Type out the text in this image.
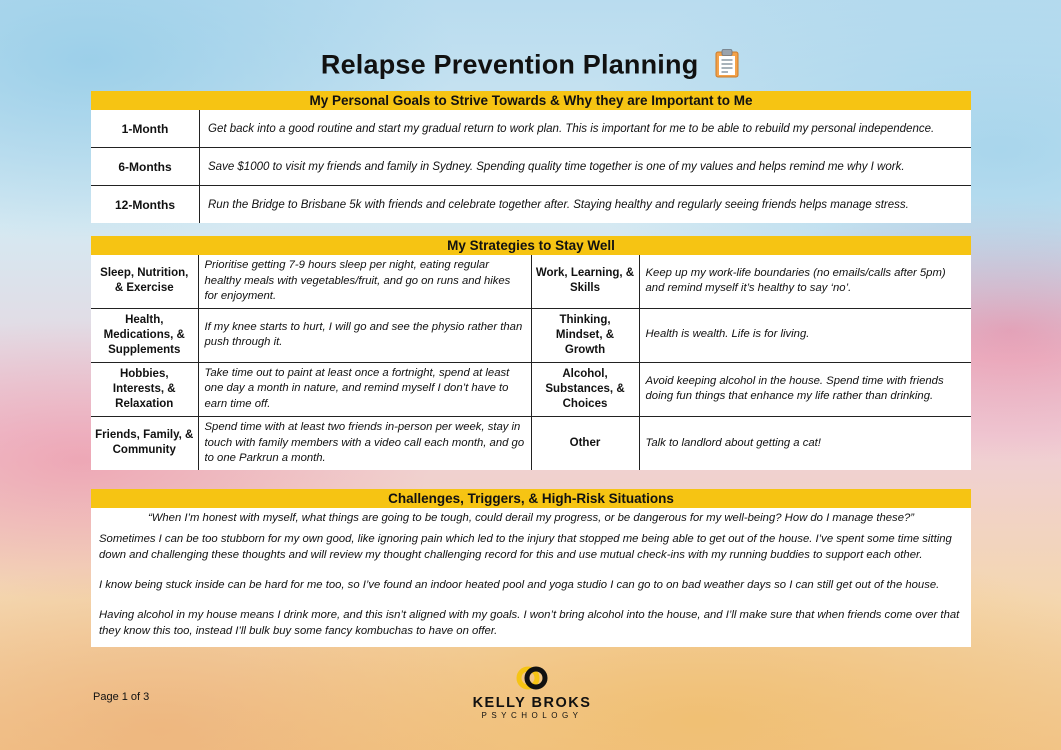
Relapse Prevention Planning
My Personal Goals to Strive Towards & Why they are Important to Me
1-Month	Get back into a good routine and start my gradual return to work plan. This is important for me to be able to rebuild my personal independence.
6-Months	Save $1000 to visit my friends and family in Sydney. Spending quality time together is one of my values and helps remind me why I work.
12-Months	Run the Bridge to Brisbane 5k with friends and celebrate together after. Staying healthy and regularly seeing friends helps manage stress.
My Strategies to Stay Well
Sleep, Nutrition, & Exercise	Prioritise getting 7-9 hours sleep per night, eating regular healthy meals with vegetables/fruit, and go on runs and hikes for enjoyment.	Work, Learning, & Skills	Keep up my work-life boundaries (no emails/calls after 5pm) and remind myself it’s healthy to say ‘no’.
Health, Medications, & Supplements	If my knee starts to hurt, I will go and see the physio rather than push through it.	Thinking, Mindset, & Growth	Health is wealth. Life is for living.
Hobbies, Interests, & Relaxation	Take time out to paint at least once a fortnight, spend at least one day a month in nature, and remind myself I don’t have to earn time off.	Alcohol, Substances, & Choices	Avoid keeping alcohol in the house. Spend time with friends doing fun things that enhance my life rather than drinking.
Friends, Family, & Community	Spend time with at least two friends in-person per week, stay in touch with family members with a video call each month, and go to one Parkrun a month.	Other	Talk to landlord about getting a cat!
Challenges, Triggers, & High-Risk Situations
“When I’m honest with myself, what things are going to be tough, could derail my progress, or be dangerous for my well-being? How do I manage these?”
Sometimes I can be too stubborn for my own good, like ignoring pain which led to the injury that stopped me being able to get out of the house. I’ve spent some time sitting down and challenging these thoughts and will review my thought challenging record for this and use mutual check-ins with my running buddies to support each other.
I know being stuck inside can be hard for me too, so I’ve found an indoor heated pool and yoga studio I can go to on bad weather days so I can still get out of the house.
Having alcohol in my house means I drink more, and this isn’t aligned with my goals. I won’t bring alcohol into the house, and I’ll make sure that when friends come over that they know this too, instead I’ll bulk buy some fancy kombuchas to have on offer.
Page 1 of 3	KELLY BROKS
PSYCHOLOGY
